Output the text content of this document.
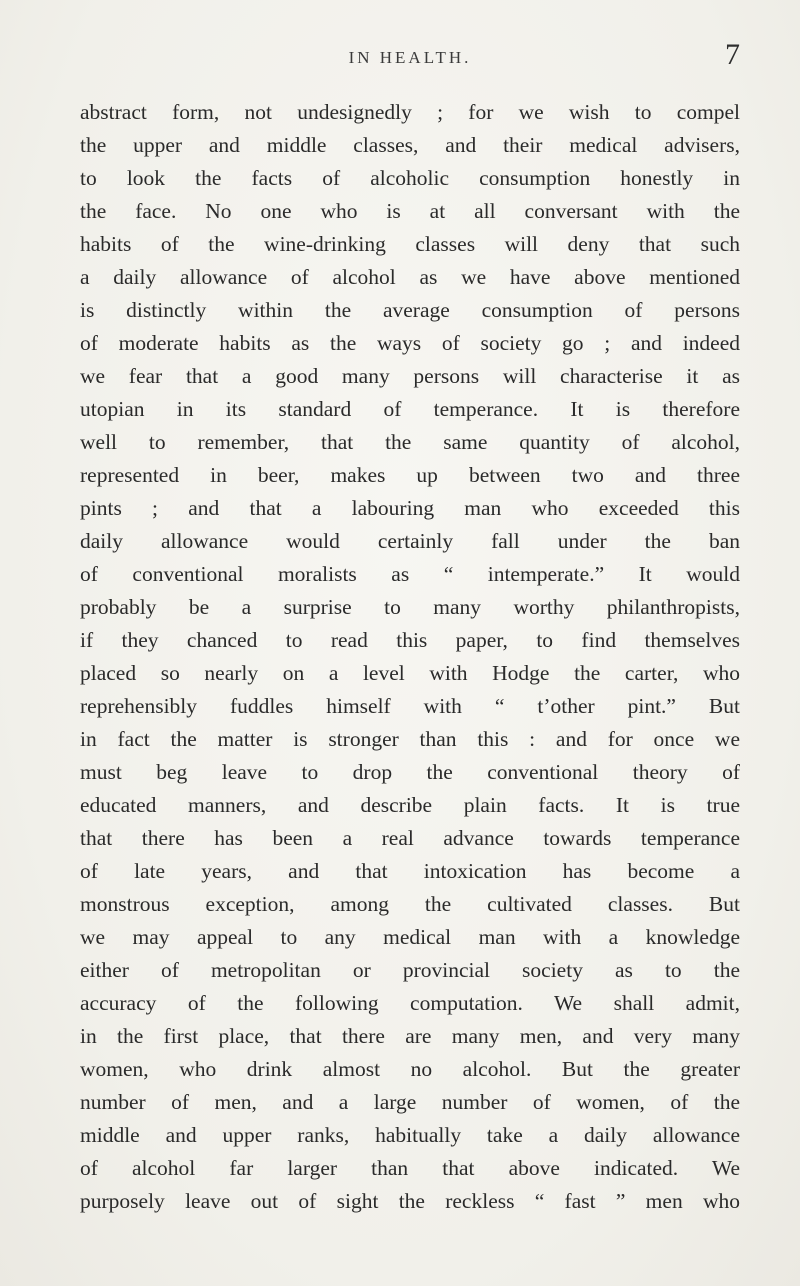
IN HEALTH.	7
abstract form, not undesignedly ; for we wish to compel
the upper and middle classes, and their medical advisers,
to look the facts of alcoholic consumption honestly in
the face. No one who is at all conversant with the
habits of the wine-drinking classes will deny that such
a daily allowance of alcohol as we have above mentioned
is distinctly within the average consumption of persons
of moderate habits as the ways of society go ; and indeed
we fear that a good many persons will characterise it as
utopian in its standard of temperance. It is therefore
well to remember, that the same quantity of alcohol,
represented in beer, makes up between two and three
pints ; and that a labouring man who exceeded this
daily allowance would certainly fall under the ban
of conventional moralists as “ intemperate.” It would
probably be a surprise to many worthy philanthropists,
if they chanced to read this paper, to find themselves
placed so nearly on a level with Hodge the carter, who
reprehensibly fuddles himself with “ t’other pint.” But
in fact the matter is stronger than this : and for once we
must beg leave to drop the conventional theory of
educated manners, and describe plain facts. It is true
that there has been a real advance towards temperance
of late years, and that intoxication has become a
monstrous exception, among the cultivated classes. But
we may appeal to any medical man with a knowledge
either of metropolitan or provincial society as to the
accuracy of the following computation. We shall admit,
in the first place, that there are many men, and very many
women, who drink almost no alcohol. But the greater
number of men, and a large number of women, of the
middle and upper ranks, habitually take a daily allowance
of alcohol far larger than that above indicated. We
purposely leave out of sight the reckless “ fast ” men who
